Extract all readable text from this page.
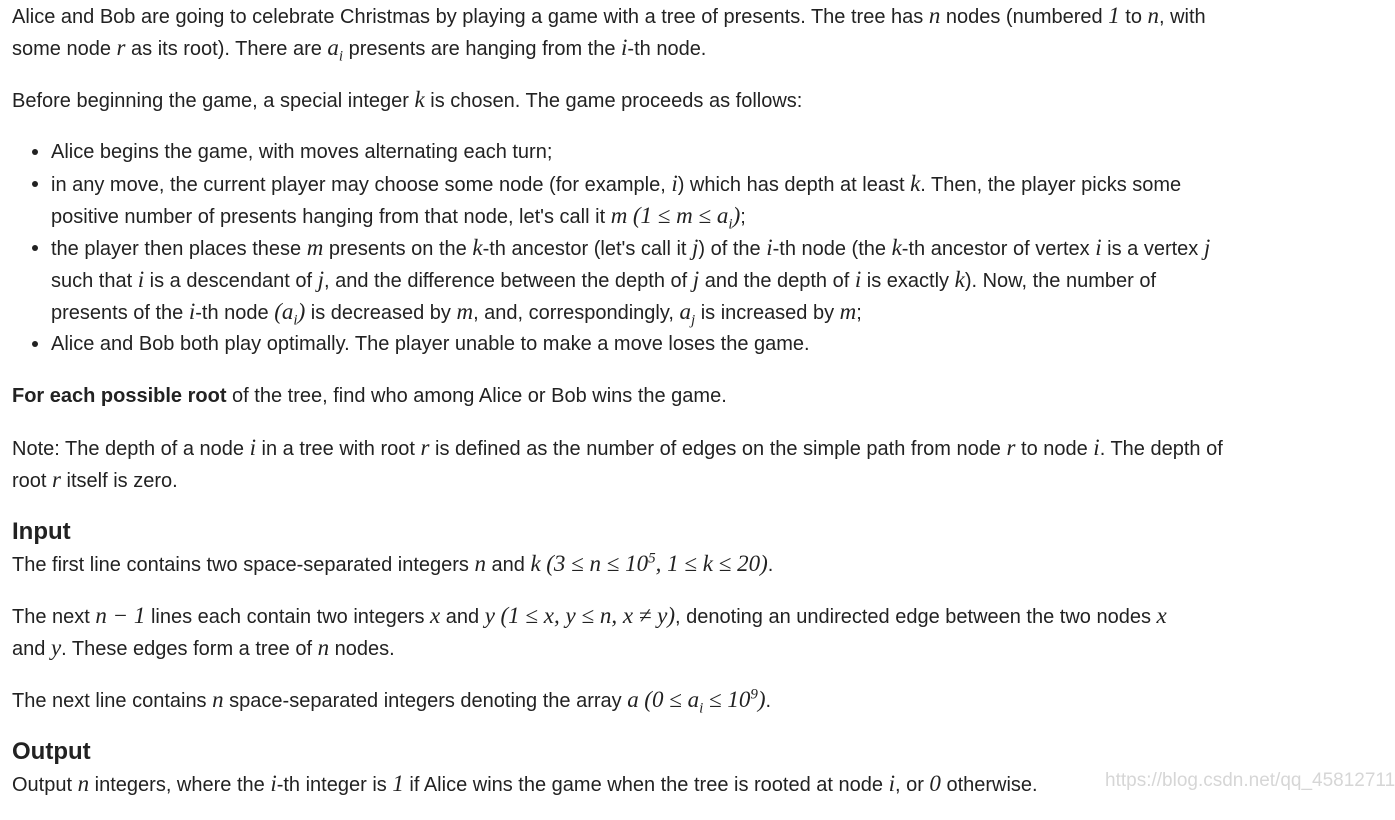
Alice and Bob are going to celebrate Christmas by playing a game with a tree of presents. The tree has n nodes (numbered 1 to n, with
some node r as its root). There are $a_i$ presents are hanging from the i-th node.
Before beginning the game, a special integer k is chosen. The game proceeds as follows:
Alice begins the game, with moves alternating each turn;
in any move, the current player may choose some node (for example, i) which has depth at least k. Then, the player picks some
positive number of presents hanging from that node, let's call it m $(1 \le m \le a_i)$;
the player then places these m presents on the k-th ancestor (let's call it j) of the i-th node (the k-th ancestor of vertex i is a vertex j
such that i is a descendant of j, and the difference between the depth of j and the depth of i is exactly k). Now, the number of
presents of the i-th node $(a_i)$ is decreased by m, and, correspondingly, $a_j$ is increased by m;
Alice and Bob both play optimally. The player unable to make a move loses the game.
For each possible root of the tree, find who among Alice or Bob wins the game.
Note: The depth of a node i in a tree with root r is defined as the number of edges on the simple path from node r to node i. The depth of
root r itself is zero.
Input
The first line contains two space-separated integers n and k ($3 \le n \le 10^5$, 1 ≤ k ≤ 20).
The next n − 1 lines each contain two integers x and y (1 ≤ x, y ≤ n, x ≠ y), denoting an undirected edge between the two nodes x
and y. These edges form a tree of n nodes.
The next line contains n space-separated integers denoting the array a $(0 \le a_i \le 10^9)$.
Output
Output n integers, where the i-th integer is 1 if Alice wins the game when the tree is rooted at node i, or 0 otherwise.	https://blog.csdn.net/qq_45812711
